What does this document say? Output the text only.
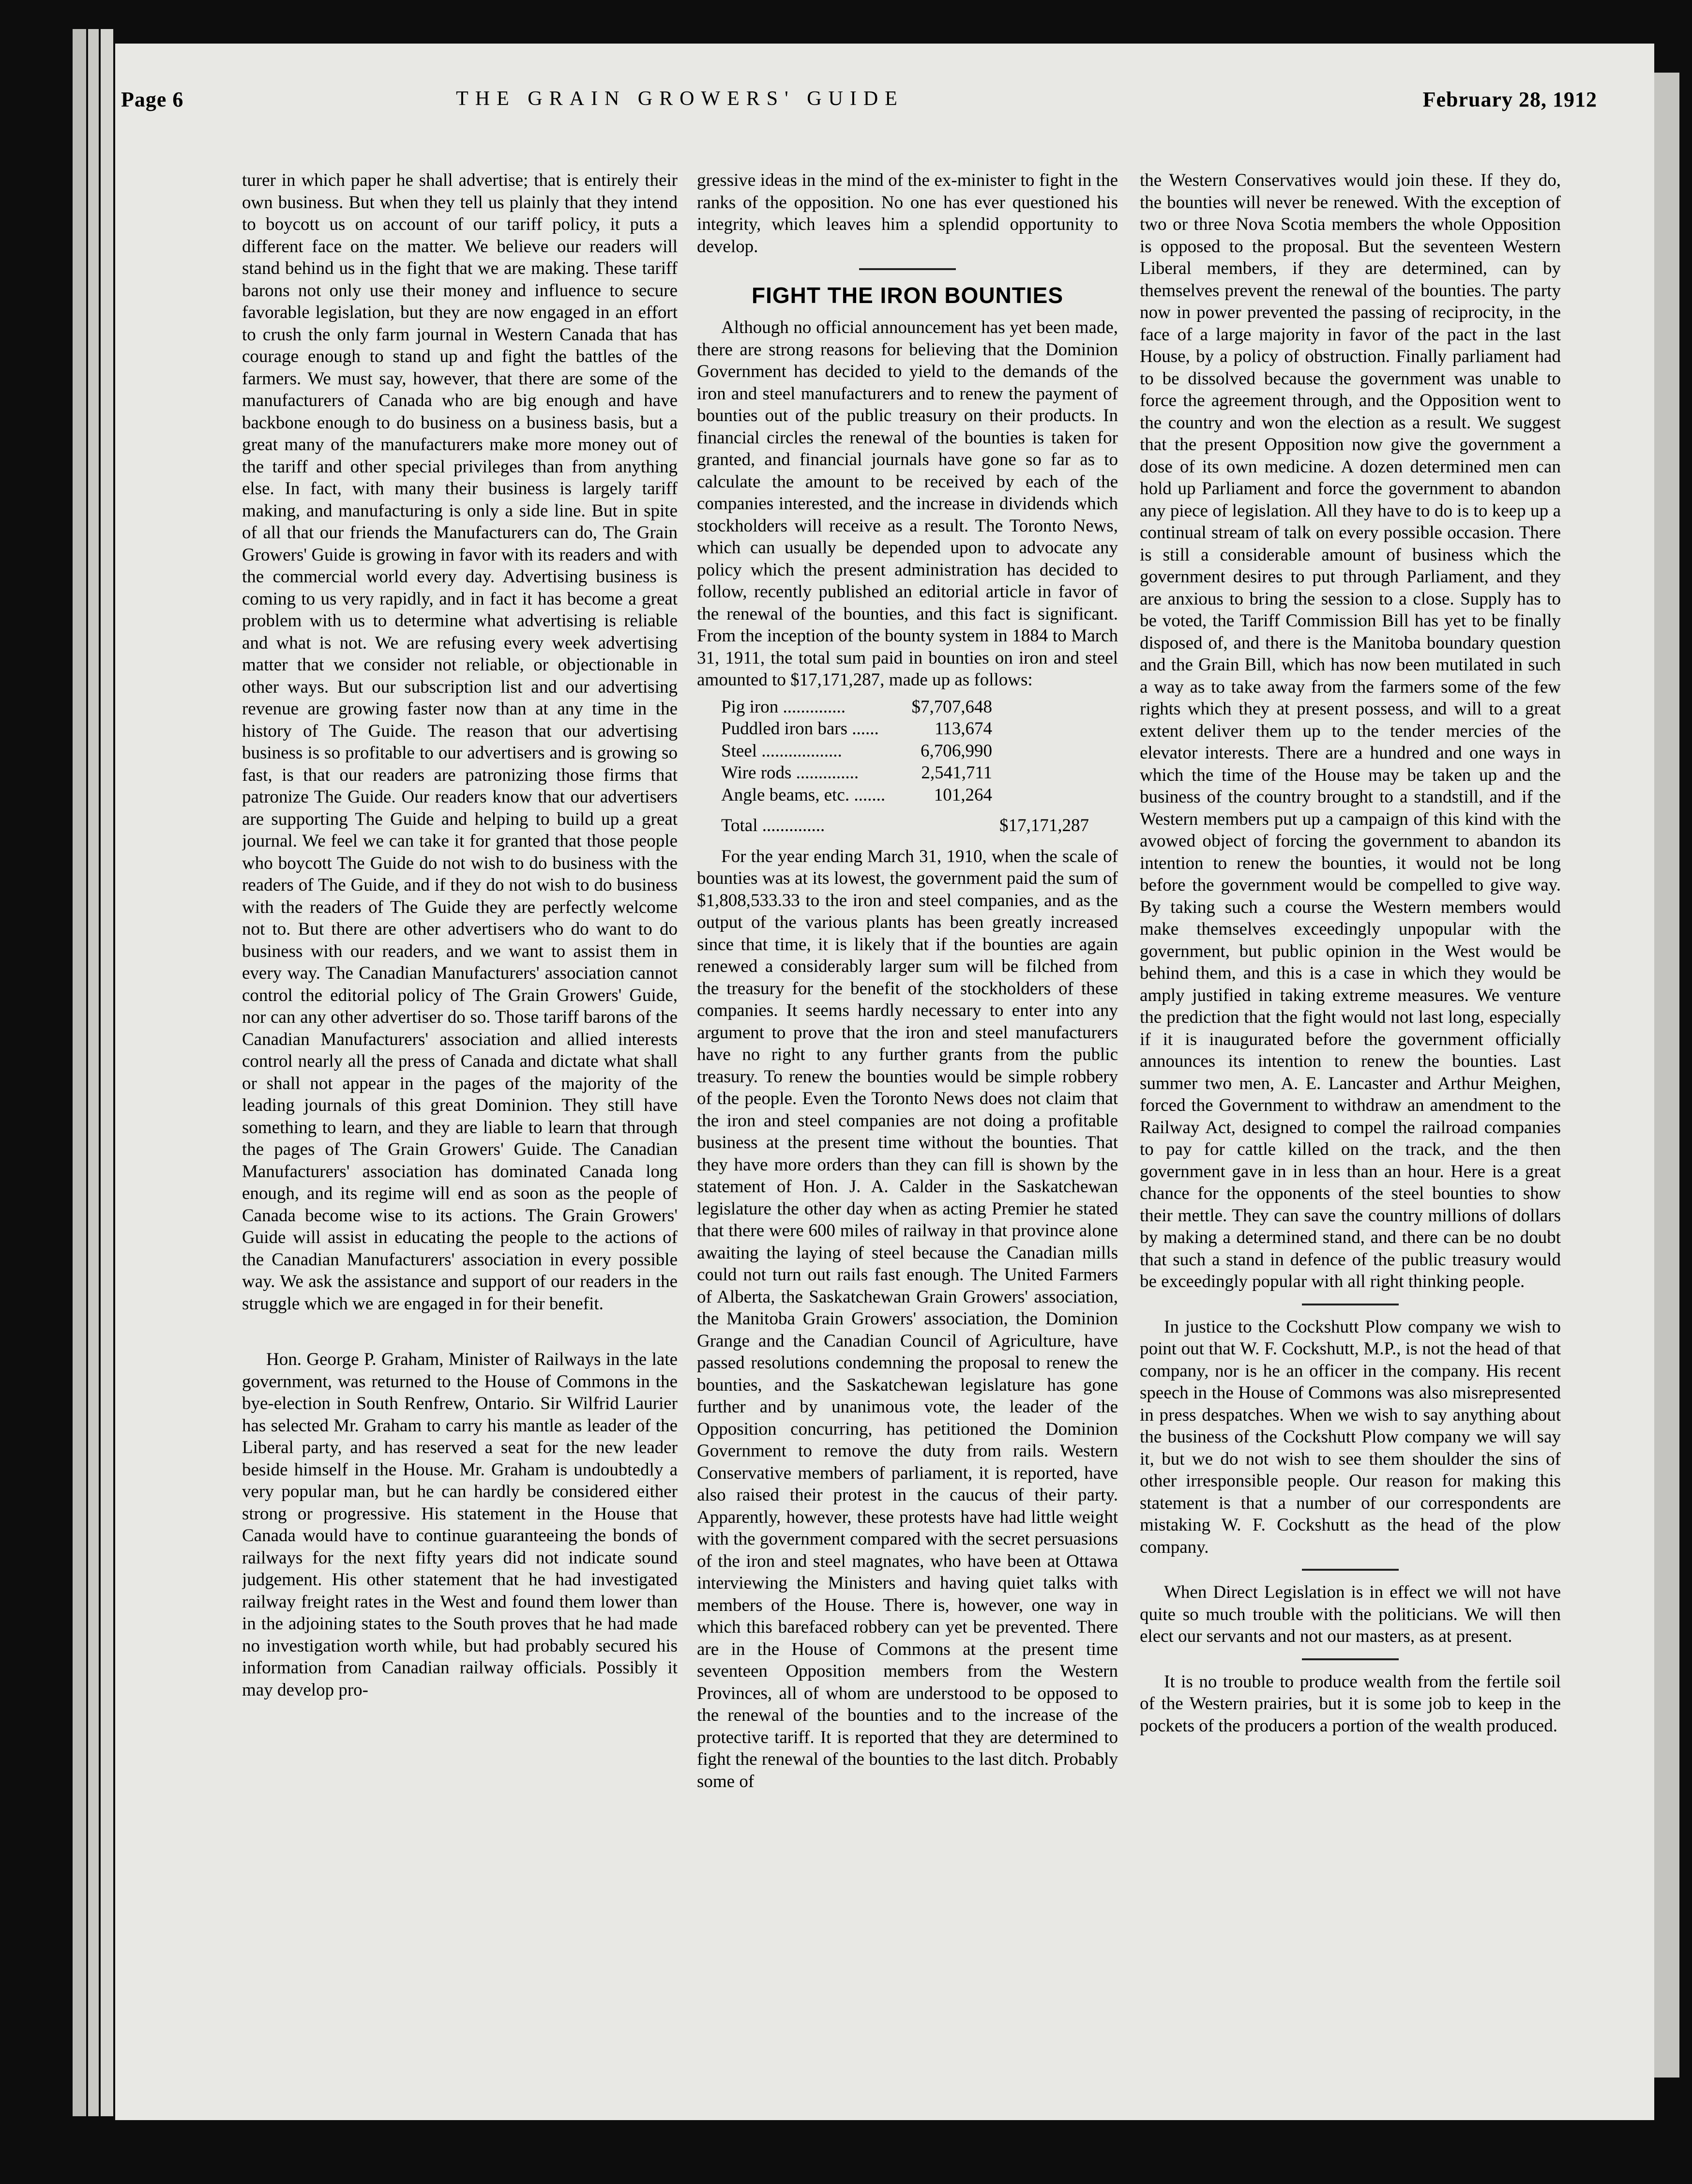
Page 6	THE GRAIN GROWERS' GUIDE	February 28, 1912

turer in which paper he shall advertise; that is entirely their own business. But when they tell us plainly that they intend to boycott us on account of our tariff policy, it puts a different face on the matter. We believe our readers will stand behind us in the fight that we are making. These tariff barons not only use their money and influence to secure favorable legislation, but they are now engaged in an effort to crush the only farm journal in Western Canada that has courage enough to stand up and fight the battles of the farmers. We must say, however, that there are some of the manufacturers of Canada who are big enough and have backbone enough to do business on a business basis, but a great many of the manufacturers make more money out of the tariff and other special privileges than from anything else. In fact, with many their business is largely tariff making, and manufacturing is only a side line. But in spite of all that our friends the Manufacturers can do, The Grain Growers' Guide is growing in favor with its readers and with the commercial world every day. Advertising business is coming to us very rapidly, and in fact it has become a great problem with us to determine what advertising is reliable and what is not. We are refusing every week advertising matter that we consider not reliable, or objectionable in other ways. But our subscription list and our advertising revenue are growing faster now than at any time in the history of The Guide. The reason that our advertising business is so profitable to our advertisers and is growing so fast, is that our readers are patronizing those firms that patronize The Guide. Our readers know that our advertisers are supporting The Guide and helping to build up a great journal. We feel we can take it for granted that those people who boycott The Guide do not wish to do business with the readers of The Guide, and if they do not wish to do business with the readers of The Guide they are perfectly welcome not to. But there are other advertisers who do want to do business with our readers, and we want to assist them in every way. The Canadian Manufacturers' association cannot control the editorial policy of The Grain Growers' Guide, nor can any other advertiser do so. Those tariff barons of the Canadian Manufacturers' association and allied interests control nearly all the press of Canada and dictate what shall or shall not appear in the pages of the majority of the leading journals of this great Dominion. They still have something to learn, and they are liable to learn that through the pages of The Grain Growers' Guide. The Canadian Manufacturers' association has dominated Canada long enough, and its regime will end as soon as the people of Canada become wise to its actions. The Grain Growers' Guide will assist in educating the people to the actions of the Canadian Manufacturers' association in every possible way. We ask the assistance and support of our readers in the struggle which we are engaged in for their benefit.

Hon. George P. Graham, Minister of Railways in the late government, was returned to the House of Commons in the bye-election in South Renfrew, Ontario. Sir Wilfrid Laurier has selected Mr. Graham to carry his mantle as leader of the Liberal party, and has reserved a seat for the new leader beside himself in the House. Mr. Graham is undoubtedly a very popular man, but he can hardly be considered either strong or progressive. His statement in the House that Canada would have to continue guaranteeing the bonds of railways for the next fifty years did not indicate sound judgement. His other statement that he had investigated railway freight rates in the West and found them lower than in the adjoining states to the South proves that he had made no investigation worth while, but had probably secured his information from Canadian railway officials. Possibly it may develop pro-

gressive ideas in the mind of the ex-minister to fight in the ranks of the opposition. No one has ever questioned his integrity, which leaves him a splendid opportunity to develop.

FIGHT THE IRON BOUNTIES

Although no official announcement has yet been made, there are strong reasons for believing that the Dominion Government has decided to yield to the demands of the iron and steel manufacturers and to renew the payment of bounties out of the public treasury on their products. In financial circles the renewal of the bounties is taken for granted, and financial journals have gone so far as to calculate the amount to be received by each of the companies interested, and the increase in dividends which stockholders will receive as a result. The Toronto News, which can usually be depended upon to advocate any policy which the present administration has decided to follow, recently published an editorial article in favor of the renewal of the bounties, and this fact is significant. From the inception of the bounty system in 1884 to March 31, 1911, the total sum paid in bounties on iron and steel amounted to $17,171,287, made up as follows:

Pig iron ..............	$7,707,648
Puddled iron bars ......	113,674
Steel ..................	6,706,990
Wire rods ..............	2,541,711
Angle beams, etc. .......	101,264
Total ..............	$17,171,287

For the year ending March 31, 1910, when the scale of bounties was at its lowest, the government paid the sum of $1,808,533.33 to the iron and steel companies, and as the output of the various plants has been greatly increased since that time, it is likely that if the bounties are again renewed a considerably larger sum will be filched from the treasury for the benefit of the stockholders of these companies. It seems hardly necessary to enter into any argument to prove that the iron and steel manufacturers have no right to any further grants from the public treasury. To renew the bounties would be simple robbery of the people. Even the Toronto News does not claim that the iron and steel companies are not doing a profitable business at the present time without the bounties. That they have more orders than they can fill is shown by the statement of Hon. J. A. Calder in the Saskatchewan legislature the other day when as acting Premier he stated that there were 600 miles of railway in that province alone awaiting the laying of steel because the Canadian mills could not turn out rails fast enough. The United Farmers of Alberta, the Saskatchewan Grain Growers' association, the Manitoba Grain Growers' association, the Dominion Grange and the Canadian Council of Agriculture, have passed resolutions condemning the proposal to renew the bounties, and the Saskatchewan legislature has gone further and by unanimous vote, the leader of the Opposition concurring, has petitioned the Dominion Government to remove the duty from rails. Western Conservative members of parliament, it is reported, have also raised their protest in the caucus of their party. Apparently, however, these protests have had little weight with the government compared with the secret persuasions of the iron and steel magnates, who have been at Ottawa interviewing the Ministers and having quiet talks with members of the House. There is, however, one way in which this barefaced robbery can yet be prevented. There are in the House of Commons at the present time seventeen Opposition members from the Western Provinces, all of whom are understood to be opposed to the renewal of the bounties and to the increase of the protective tariff. It is reported that they are determined to fight the renewal of the bounties to the last ditch. Probably some of

the Western Conservatives would join these. If they do, the bounties will never be renewed. With the exception of two or three Nova Scotia members the whole Opposition is opposed to the proposal. But the seventeen Western Liberal members, if they are determined, can by themselves prevent the renewal of the bounties. The party now in power prevented the passing of reciprocity, in the face of a large majority in favor of the pact in the last House, by a policy of obstruction. Finally parliament had to be dissolved because the government was unable to force the agreement through, and the Opposition went to the country and won the election as a result. We suggest that the present Opposition now give the government a dose of its own medicine. A dozen determined men can hold up Parliament and force the government to abandon any piece of legislation. All they have to do is to keep up a continual stream of talk on every possible occasion. There is still a considerable amount of business which the government desires to put through Parliament, and they are anxious to bring the session to a close. Supply has to be voted, the Tariff Commission Bill has yet to be finally disposed of, and there is the Manitoba boundary question and the Grain Bill, which has now been mutilated in such a way as to take away from the farmers some of the few rights which they at present possess, and will to a great extent deliver them up to the tender mercies of the elevator interests. There are a hundred and one ways in which the time of the House may be taken up and the business of the country brought to a standstill, and if the Western members put up a campaign of this kind with the avowed object of forcing the government to abandon its intention to renew the bounties, it would not be long before the government would be compelled to give way. By taking such a course the Western members would make themselves exceedingly unpopular with the government, but public opinion in the West would be behind them, and this is a case in which they would be amply justified in taking extreme measures. We venture the prediction that the fight would not last long, especially if it is inaugurated before the government officially announces its intention to renew the bounties. Last summer two men, A. E. Lancaster and Arthur Meighen, forced the Government to withdraw an amendment to the Railway Act, designed to compel the railroad companies to pay for cattle killed on the track, and the then government gave in in less than an hour. Here is a great chance for the opponents of the steel bounties to show their mettle. They can save the country millions of dollars by making a determined stand, and there can be no doubt that such a stand in defence of the public treasury would be exceedingly popular with all right thinking people.

In justice to the Cockshutt Plow company we wish to point out that W. F. Cockshutt, M.P., is not the head of that company, nor is he an officer in the company. His recent speech in the House of Commons was also misrepresented in press despatches. When we wish to say anything about the business of the Cockshutt Plow company we will say it, but we do not wish to see them shoulder the sins of other irresponsible people. Our reason for making this statement is that a number of our correspondents are mistaking W. F. Cockshutt as the head of the plow company.

When Direct Legislation is in effect we will not have quite so much trouble with the politicians. We will then elect our servants and not our masters, as at present.

It is no trouble to produce wealth from the fertile soil of the Western prairies, but it is some job to keep in the pockets of the producers a portion of the wealth produced.
